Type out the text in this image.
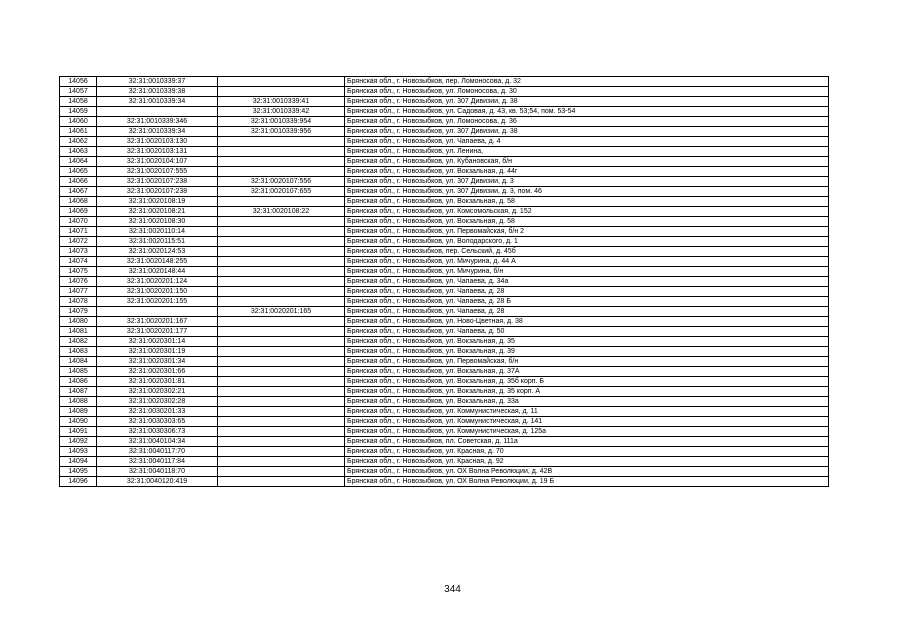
14056	32:31:0010339:37		Брянская обл., г. Новозыбков, пер. Ломоносова, д. 32
14057	32:31:0010339:38		Брянская обл., г. Новозыбков, ул. Ломоносова, д. 30
14058	32:31:0010339:34	32:31:0010339:41	Брянская обл., г. Новозыбков, ул. 307 Дивизии, д. 38
14059		32:31:0010339:42	Брянская обл., г. Новозыбков, ул. Садовая, д. 43, кв. 53;54, пом. 53-54
14060	32:31:0010339:346	32:31:0010339:954	Брянская обл., г. Новозыбков, ул. Ломоносова, д. 36
14061	32:31:0010339:34	32:31:0010339:956	Брянская обл., г. Новозыбков, ул. 307 Дивизии, д. 38
14062	32:31:0020103:130		Брянская обл., г. Новозыбков, ул. Чапаева, д. 4
14063	32:31:0020103:131		Брянская обл., г. Новозыбков, ул. Ленина,
14064	32:31:0020104:107		Брянская обл., г. Новозыбков, ул. Кубановская, б/н
14065	32:31:0020107:555		Брянская обл., г. Новозыбков, ул. Вокзальная, д. 44г
14066	32:31:0020107:238	32:31:0020107:556	Брянская обл., г. Новозыбков, ул. 307 Дивизии, д. 3
14067	32:31:0020107:238	32:31:0020107:655	Брянская обл., г. Новозыбков, ул. 307 Дивизии, д. 3, пом. 46
14068	32:31:0020108:19		Брянская обл., г. Новозыбков, ул. Вокзальная, д. 58
14069	32:31:0020108:21	32:31:0020108:22	Брянская обл., г. Новозыбков, ул. Комсомольская, д. 152
14070	32:31:0020108:30		Брянская обл., г. Новозыбков, ул. Вокзальная, д. 58
14071	32:31:0020110:14		Брянская обл., г. Новозыбков, ул. Первомайская, б/н 2
14072	32:31:0020115:51		Брянская обл., г. Новозыбков, ул. Володарского, д. 1
14073	32:31:0020124:53		Брянская обл., г. Новозыбков, пер. Сельский, д. 45б
14074	32:31:0020148:255		Брянская обл., г. Новозыбков, ул. Мичурина, д. 44 А
14075	32:31:0020148:44		Брянская обл., г. Новозыбков, ул. Мичурина, б/н
14076	32:31:0020201:124		Брянская обл., г. Новозыбков, ул. Чапаева, д. 34а
14077	32:31:0020201:150		Брянская обл., г. Новозыбков, ул. Чапаева, д. 28
14078	32:31:0020201:155		Брянская обл., г. Новозыбков, ул. Чапаева, д. 28 Б
14079		32:31:0020201:165	Брянская обл., г. Новозыбков, ул. Чапаева, д. 28
14080	32:31:0020201:167		Брянская обл., г. Новозыбков, ул. Ново-Цветная, д. 38
14081	32:31:0020201:177		Брянская обл., г. Новозыбков, ул. Чапаева, д. 50
14082	32:31:0020301:14		Брянская обл., г. Новозыбков, ул. Вокзальная, д. 35
14083	32:31:0020301:19		Брянская обл., г. Новозыбков, ул. Вокзальная, д. 39
14084	32:31:0020301:34		Брянская обл., г. Новозыбков, ул. Первомайская, б/н
14085	32:31:0020301:66		Брянская обл., г. Новозыбков, ул. Вокзальная, д. 37А
14086	32:31:0020301:81		Брянская обл., г. Новозыбков, ул. Вокзальная, д. 35б корп. Б
14087	32:31:0020302:21		Брянская обл., г. Новозыбков, ул. Вокзальная, д. 35 корп. А
14088	32:31:0020302:28		Брянская обл., г. Новозыбков, ул. Вокзальная, д. 33а
14089	32:31:0030201:33		Брянская обл., г. Новозыбков, ул. Коммунистическая, д. 11
14090	32:31:0030303:65		Брянская обл., г. Новозыбков, ул. Коммунистическая, д. 141
14091	32:31:0030306:73		Брянская обл., г. Новозыбков, ул. Коммунистическая, д. 125а
14092	32:31:0040104:34		Брянская обл., г. Новозыбков, пл. Советская, д. 111а
14093	32:31:0040117:70		Брянская обл., г. Новозыбков, ул. Красная, д. 70
14094	32:31:0040117:84		Брянская обл., г. Новозыбков, ул. Красная, д. 92
14095	32:31:0040118:70		Брянская обл., г. Новозыбков, ул. ОХ Волна Революции, д. 42В
14096	32:31:0040120:419		Брянская обл., г. Новозыбков, ул. ОХ Волна Революции, д. 19 Б
344
